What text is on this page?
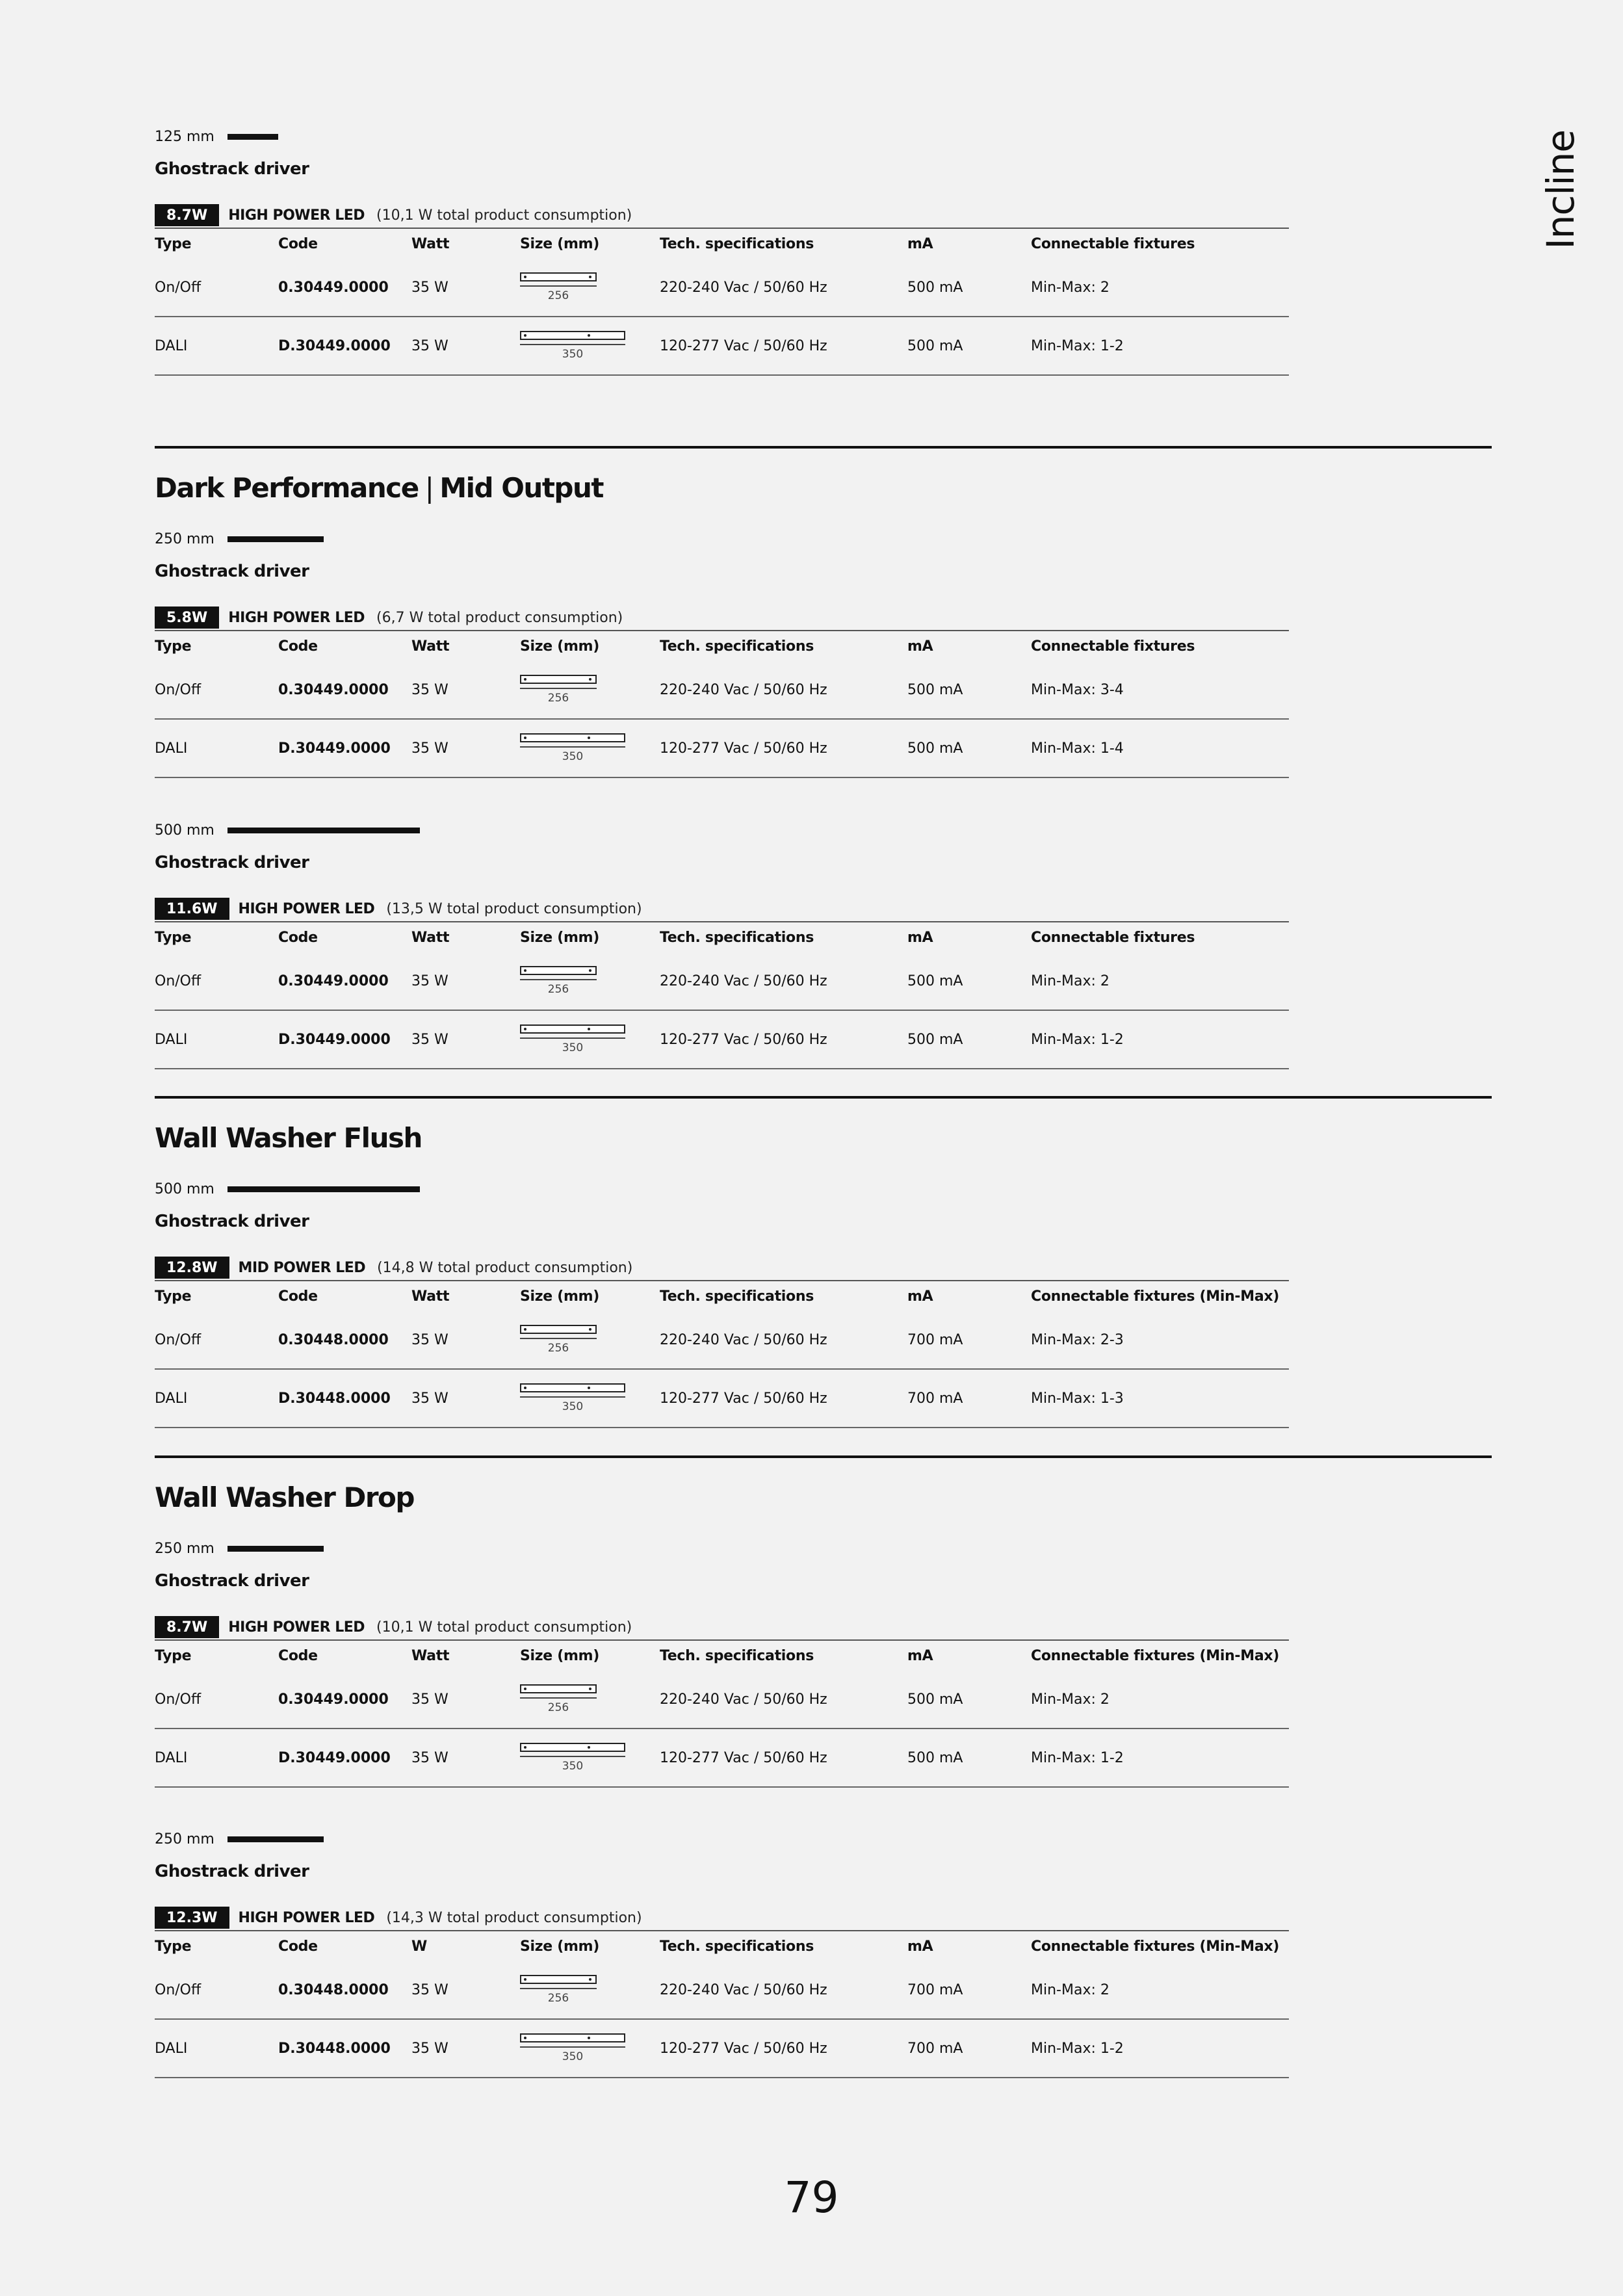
Incline
125 mm
Ghostrack driver
8.7W	HIGH POWER LED (10,1 W total product consumption)
Type	Code	Watt	Size (mm)	Tech. specifications	mA	Connectable fixtures
On/Off	0.30449.0000	35 W	256	220-240 Vac / 50/60 Hz	500 mA	Min-Max: 2
DALI	D.30449.0000	35 W	350	120-277 Vac / 50/60 Hz	500 mA	Min-Max: 1-2
Dark Performance | Mid Output
250 mm
Ghostrack driver
5.8W	HIGH POWER LED (6,7 W total product consumption)
Type	Code	Watt	Size (mm)	Tech. specifications	mA	Connectable fixtures
On/Off	0.30449.0000	35 W	256	220-240 Vac / 50/60 Hz	500 mA	Min-Max: 3-4
DALI	D.30449.0000	35 W	350	120-277 Vac / 50/60 Hz	500 mA	Min-Max: 1-4
500 mm
Ghostrack driver
11.6W	HIGH POWER LED (13,5 W total product consumption)
Type	Code	Watt	Size (mm)	Tech. specifications	mA	Connectable fixtures
On/Off	0.30449.0000	35 W	256	220-240 Vac / 50/60 Hz	500 mA	Min-Max: 2
DALI	D.30449.0000	35 W	350	120-277 Vac / 50/60 Hz	500 mA	Min-Max: 1-2
Wall Washer Flush
500 mm
Ghostrack driver
12.8W	MID POWER LED (14,8 W total product consumption)
Type	Code	Watt	Size (mm)	Tech. specifications	mA	Connectable fixtures (Min-Max)
On/Off	0.30448.0000	35 W	256	220-240 Vac / 50/60 Hz	700 mA	Min-Max: 2-3
DALI	D.30448.0000	35 W	350	120-277 Vac / 50/60 Hz	700 mA	Min-Max: 1-3
Wall Washer Drop
250 mm
Ghostrack driver
8.7W	HIGH POWER LED (10,1 W total product consumption)
Type	Code	Watt	Size (mm)	Tech. specifications	mA	Connectable fixtures (Min-Max)
On/Off	0.30449.0000	35 W	256	220-240 Vac / 50/60 Hz	500 mA	Min-Max: 2
DALI	D.30449.0000	35 W	350	120-277 Vac / 50/60 Hz	500 mA	Min-Max: 1-2
250 mm
Ghostrack driver
12.3W	HIGH POWER LED (14,3 W total product consumption)
Type	Code	W	Size (mm)	Tech. specifications	mA	Connectable fixtures (Min-Max)
On/Off	0.30448.0000	35 W	256	220-240 Vac / 50/60 Hz	700 mA	Min-Max: 2
DALI	D.30448.0000	35 W	350	120-277 Vac / 50/60 Hz	700 mA	Min-Max: 1-2
79
